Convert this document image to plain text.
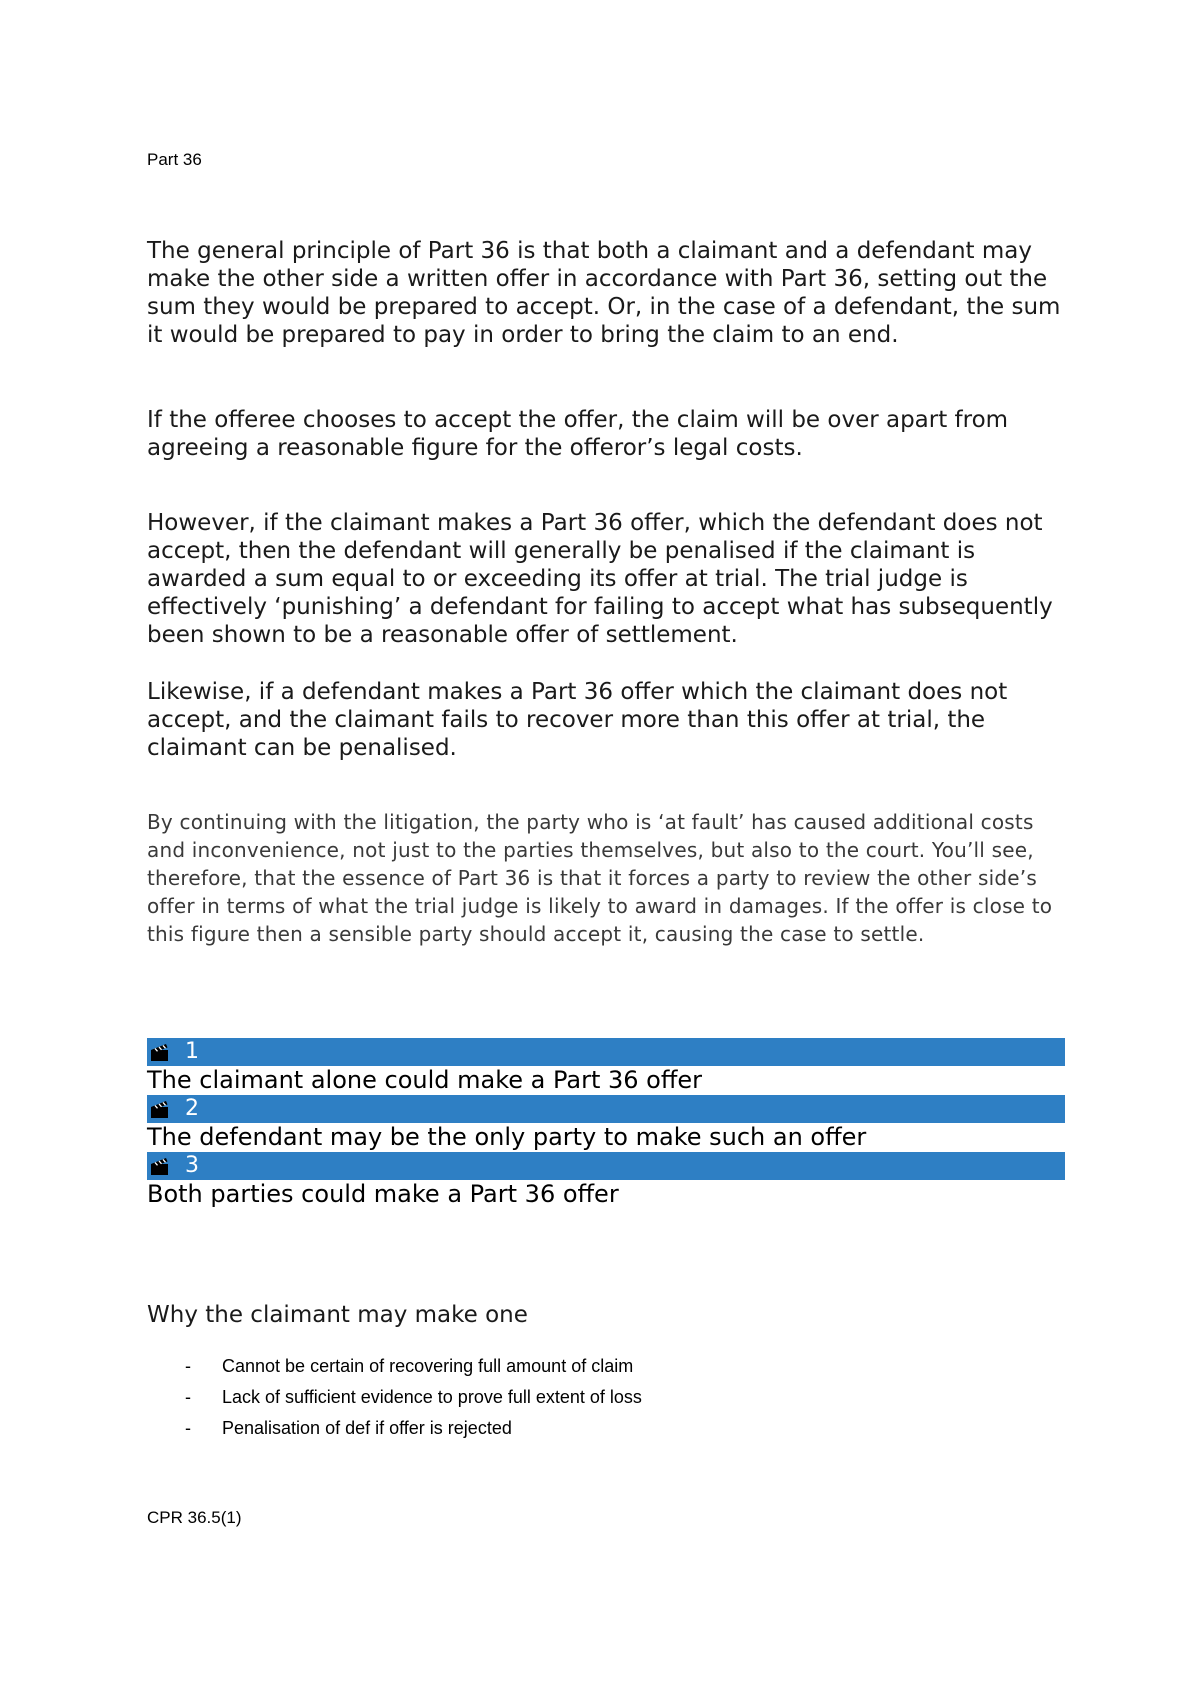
Part 36

The general principle of Part 36 is that both a claimant and a defendant may make the other side a written offer in accordance with Part 36, setting out the sum they would be prepared to accept. Or, in the case of a defendant, the sum it would be prepared to pay in order to bring the claim to an end.

If the offeree chooses to accept the offer, the claim will be over apart from agreeing a reasonable figure for the offeror’s legal costs.

However, if the claimant makes a Part 36 offer, which the defendant does not accept, then the defendant will generally be penalised if the claimant is awarded a sum equal to or exceeding its offer at trial. The trial judge is effectively ‘punishing’ a defendant for failing to accept what has subsequently been shown to be a reasonable offer of settlement.

Likewise, if a defendant makes a Part 36 offer which the claimant does not accept, and the claimant fails to recover more than this offer at trial, the claimant can be penalised.

By continuing with the litigation, the party who is ‘at fault’ has caused additional costs and inconvenience, not just to the parties themselves, but also to the court. You’ll see, therefore, that the essence of Part 36 is that it forces a party to review the other side’s offer in terms of what the trial judge is likely to award in damages. If the offer is close to this figure then a sensible party should accept it, causing the case to settle.

1
The claimant alone could make a Part 36 offer
2
The defendant may be the only party to make such an offer
3
Both parties could make a Part 36 offer
Why the claimant may make one
-	Cannot be certain of recovering full amount of claim
-	Lack of sufficient evidence to prove full extent of loss
-	Penalisation of def if offer is rejected
CPR 36.5(1)
